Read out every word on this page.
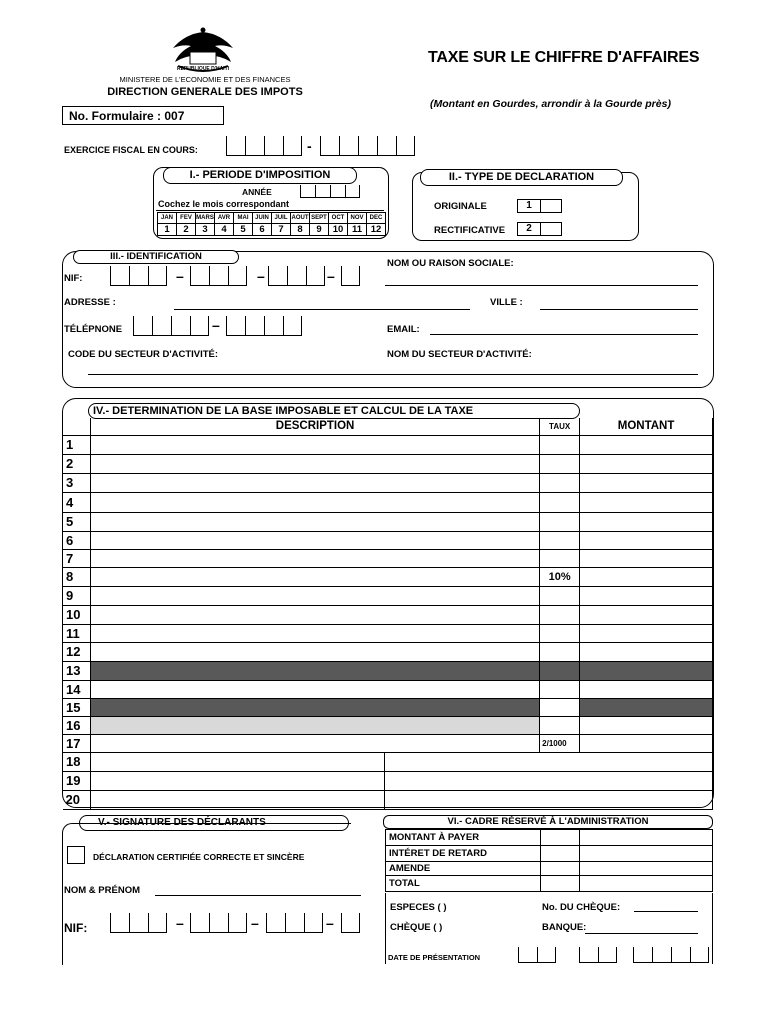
REPUBLIQUE D'HAITI
MINISTERE DE L'ECONOMIE ET DES FINANCES
DIRECTION GENERALE DES IMPOTS
No. Formulaire : 007
TAXE SUR LE CHIFFRE D'AFFAIRES
(Montant en Gourdes, arrondir à la Gourde près)
EXERCICE FISCAL EN COURS:	-
I.- PERIODE D'IMPOSITION
ANNÉE
Cochez le mois correspondant
JAN	FEV	MARS	AVR	MAI	JUIN	JUIL	AOUT	SEPT	OCT	NOV	DEC
1	2	3	4	5	6	7	8	9	10	11	12
II.- TYPE DE DECLARATION
ORIGINALE	1
RECTIFICATIVE	2
III.- IDENTIFICATION
NIF:	–	–	–
NOM OU RAISON SOCIALE:
ADRESSE :	VILLE :
TÉLÉPNONE	–	EMAIL:
CODE DU SECTEUR D'ACTIVITÉ:	NOM DU SECTEUR D'ACTIVITÉ:
IV.- DETERMINATION DE LA BASE IMPOSABLE ET CALCUL DE LA TAXE
	DESCRIPTION		TAUX	MONTANT
1				
2				
3				
4				
5				
6				
7				
8			10%	
9				
10				
11				
12				
13				
14				
15				
16				
17			2/1000	
18				
19				
20				
V.- SIGNATURE DES DÉCLARANTS
DÉCLARATION CERTIFIÉE CORRECTE ET SINCÈRE
NOM & PRÉNOM
NIF:	–	–	–
VI.- CADRE RÉSERVÉ À L'ADMINISTRATION
MONTANT À PAYER		
INTÉRET DE RETARD		
AMENDE		
TOTAL		
ESPECES ( )	No. DU CHÈQUE:
CHÈQUE ( )	BANQUE:
DATE DE PRÉSENTATION
